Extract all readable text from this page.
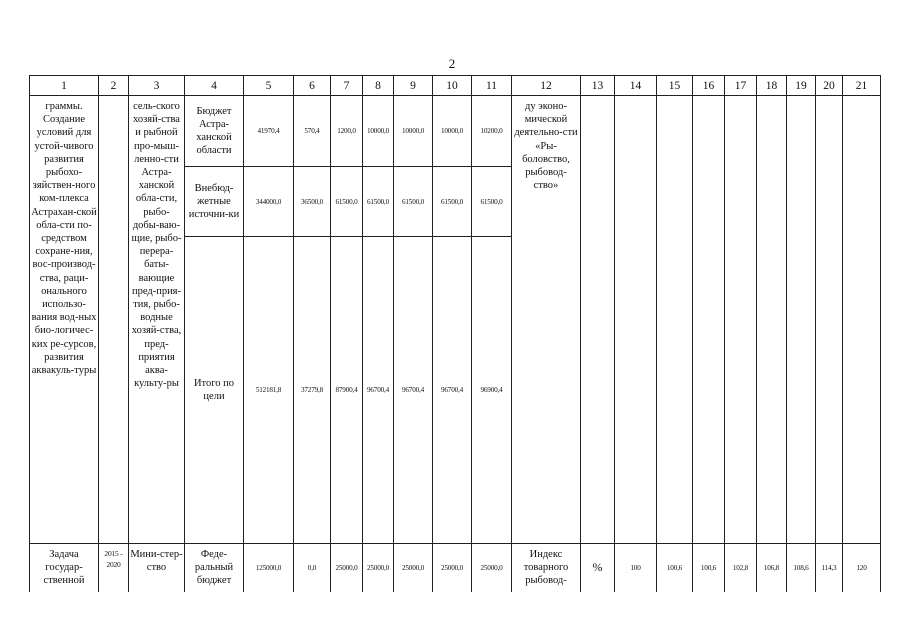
2
1	2	3	4	5	6	7	8	9	10	11	12	13	14	15	16	17	18	19	20	21
граммы. Создание условий для устой-чивого развития рыбохо-зяйствен-ного ком-плекса Астрахан-ской обла-сти по-средством сохране-ния, вос-производ-ства, раци-онального использо-вания вод-ных био-логичес-ких ре-сурсов, развития аквакуль-туры		сель-ского хозяй-ства и рыбной про-мыш-ленно-сти Астра-ханской обла-сти, рыбо-добы-ваю-щие, рыбо-перера-баты-вающие пред-прия-тия, рыбо-водные хозяй-ства, пред-приятия аква-культу-ры	Бюджет Астра-ханской области	41970,4	570,4	1200,0	10000,0	10000,0	10000,0	10200,0	ду эконо-мической деятельно-сти «Ры-боловство, рыбовод-ство»									
			Внебюд-жетные источни-ки	344000,0	36500,0	61500,0	61500,0	61500,0	61500,0	61500,0										
			Итого по цели	512181,8	37279,8	87900,4	96700,4	96700,4	96700,4	96900,4										
Задача государ-ственной	2015 - 2020	Мини-стер-ство	Феде-ральный бюджет	125000,0	0,0	25000,0	25000,0	25000,0	25000,0	25000,0	Индекс товарного рыбовод-	%	100	100,6	100,6	102,8	106,8	108,6	114,3	120
